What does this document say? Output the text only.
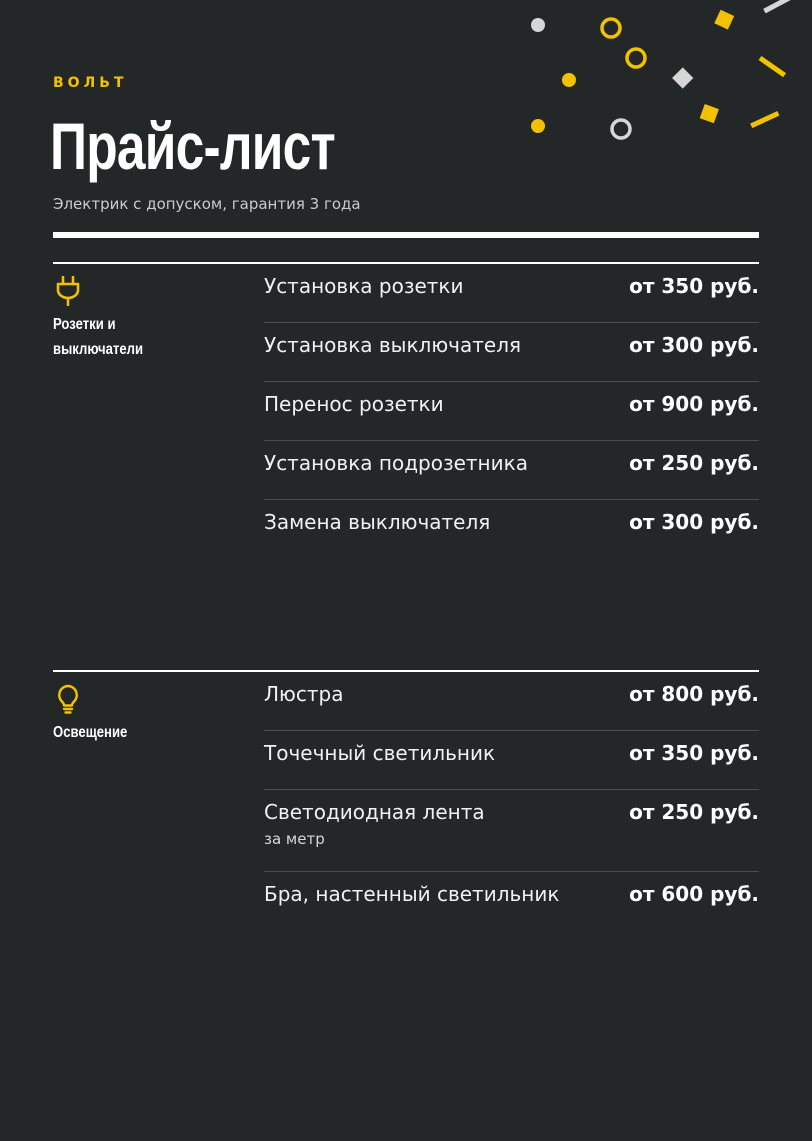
ВОЛЬТ
Прайс-лист
Электрик с допуском, гарантия 3 года
Розетки и
выключатели
Установка розетки	от 350 руб.
Установка выключателя	от 300 руб.
Перенос розетки	от 900 руб.
Установка подрозетника	от 250 руб.
Замена выключателя	от 300 руб.
Освещение
Люстра	от 800 руб.
Точечный светильник	от 350 руб.
Светодиодная лента
за метр
от 250 руб.
Бра, настенный светильник	от 600 руб.
